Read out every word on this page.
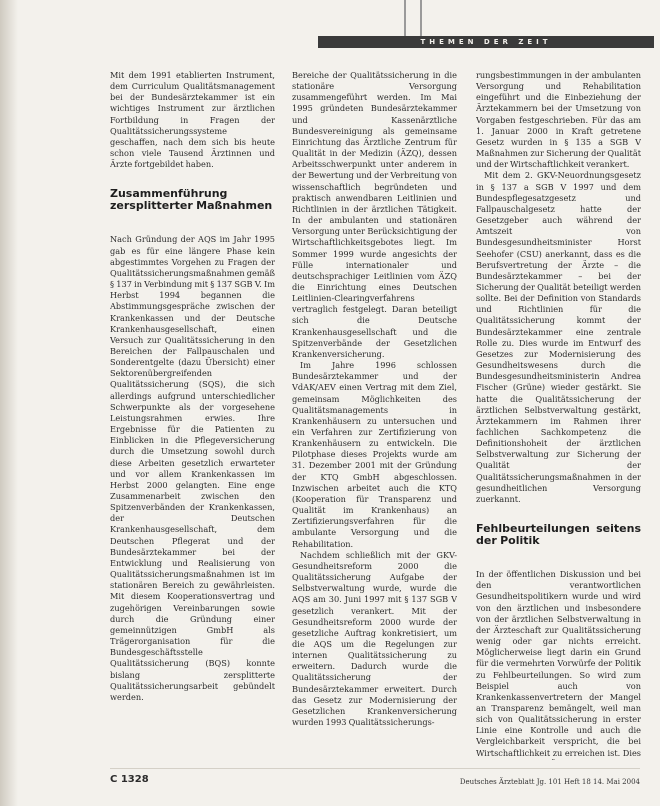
THEMEN DER ZEIT

Mit dem 1991 etablierten Instrument, dem Curriculum Qualitätsmanagement bei der Bundesärztekammer ist ein wichtiges Instrument zur ärztlichen Fortbildung in Fragen der Qualitätssicherungssysteme geschaffen, nach dem sich bis heute schon viele Tausend Ärztinnen und Ärzte fortgebildet haben.

Zusammenführung zersplitterter Maßnahmen

Nach Gründung der AQS im Jahr 1995 gab es für eine längere Phase kein abgestimmtes Vorgehen zu Fragen der Qualitätssicherungsmaßnahmen gemäß § 137 in Verbindung mit § 137 SGB V. Im Herbst 1994 begannen die Abstimmungsgespräche zwischen der Krankenkassen und der Deutsche Krankenhausgesellschaft, einen Versuch zur Qualitätssicherung in den Bereichen der Fallpauschalen und Sonderentgelte (dazu Übersicht) einer Sektorenübergreifenden Qualitätssicherung (SQS), die sich allerdings aufgrund unterschiedlicher Schwerpunkte als der vorgesehene Leistungsrahmen erwies. Ihre Ergebnisse für die Patienten zu Einblicken in die Pflegeversicherung durch die Umsetzung sowohl durch diese Arbeiten gesetzlich erwarteter und vor allem Krankenkassen im Herbst 2000 gelangten. Eine enge Zusammenarbeit zwischen den Spitzenverbänden der Krankenkassen, der Deutschen Krankenhausgesellschaft, dem Deutschen Pflegerat und der Bundesärztekammer bei der Entwicklung und Realisierung von Qualitätssicherungsmaßnahmen ist im stationären Bereich zu gewährleisten. Mit diesem Kooperationsvertrag und zugehörigen Vereinbarungen sowie durch die Gründung einer gemeinnützigen GmbH als Trägerorganisation für die Bundesgeschäftsstelle Qualitätssicherung (BQS) konnte bislang zersplitterte Qualitätssicherungsarbeit gebündelt werden.

Bereiche der Qualitätssicherung in die stationäre Versorgung zusammengeführt werden. Im Mai 1995 gründeten Bundesärztekammer und Kassenärztliche Bundesvereinigung als gemeinsame Einrichtung das Ärztliche Zentrum für Qualität in der Medizin (ÄZQ), dessen Arbeitsschwerpunkt unter anderem in der Bewertung und der Verbreitung von wissenschaftlich begründeten und praktisch anwendbaren Leitlinien und Richtlinien in der ärztlichen Tätigkeit. In der ambulanten und stationären Versorgung unter Berücksichtigung der Wirtschaftlichkeitsgebotes liegt. Im Sommer 1999 wurde angesichts der Fülle internationaler und deutschsprachiger Leitlinien vom ÄZQ die Einrichtung eines Deutschen Leitlinien-Clearingverfahrens vertraglich festgelegt. Daran beteiligt sich die Deutsche Krankenhausgesellschaft und die Spitzenverbände der Gesetzlichen Krankenversicherung.

Im Jahre 1996 schlossen Bundesärztekammer und der VdAK/AEV einen Vertrag mit dem Ziel, gemeinsam Möglichkeiten des Qualitätsmanagements in Krankenhäusern zu untersuchen und ein Verfahren zur Zertifizierung von Krankenhäusern zu entwickeln. Die Pilotphase dieses Projekts wurde am 31. Dezember 2001 mit der Gründung der KTQ GmbH abgeschlossen. Inzwischen arbeitet auch die KTQ (Kooperation für Transparenz und Qualität im Krankenhaus) an Zertifizierungsverfahren für die ambulante Versorgung und die Rehabilitation.

Nachdem schließlich mit der GKV-Gesundheitsreform 2000 die Qualitätssicherung Aufgabe der Selbstverwaltung wurde, wurde die AQS am 30. Juni 1997 mit § 137 SGB V gesetzlich verankert. Mit der Gesundheitsreform 2000 wurde der gesetzliche Auftrag konkretisiert, um die AQS um die Regelungen zur internen Qualitätssicherung zu erweitern. Dadurch wurde die Qualitätssicherung der Bundesärztekammer erweitert. Durch das Gesetz zur Modernisierung der Gesetzlichen Krankenversicherung wurden 1993 Qualitätssicherungs-

rungsbestimmungen in der ambulanten Versorgung und Rehabilitation eingeführt und die Einbeziehung der Ärztekammern bei der Umsetzung von Vorgaben festgeschrieben. Für das am 1. Januar 2000 in Kraft getretene Gesetz wurden in § 135 a SGB V Maßnahmen zur Sicherung der Qualität und der Wirtschaftlichkeit verankert.

Mit dem 2. GKV-Neuordnungsgesetz in § 137 a SGB V 1997 und dem Bundespflegesatzgesetz und Fallpauschalgesetz hatte der Gesetzgeber auch während der Amtszeit von Bundesgesundheitsminister Horst Seehofer (CSU) anerkannt, dass es die Berufsvertretung der Ärzte – die Bundesärztekammer – bei der Sicherung der Qualität beteiligt werden sollte. Bei der Definition von Standards und Richtlinien für die Qualitätssicherung kommt der Bundesärztekammer eine zentrale Rolle zu. Dies wurde im Entwurf des Gesetzes zur Modernisierung des Gesundheitswesens durch die Bundesgesundheitsministerin Andrea Fischer (Grüne) wieder gestärkt. Sie hatte die Qualitätssicherung der ärztlichen Selbstverwaltung gestärkt, Ärztekammern im Rahmen ihrer fachlichen Sachkompetenz die Definitionshoheit der ärztlichen Selbstverwaltung zur Sicherung der Qualität der Qualitätssicherungsmaßnahmen in der gesundheitlichen Versorgung zuerkannt.

Fehlbeurteilungen seitens der Politik

In der öffentlichen Diskussion und bei den verantwortlichen Gesundheitspolitikern wurde und wird von den ärztlichen und insbesondere von der ärztlichen Selbstverwaltung in der Ärzteschaft zur Qualitätssicherung wenig oder gar nichts erreicht. Möglicherweise liegt darin ein Grund für die vermehrten Vorwürfe der Politik zu Fehlbeurteilungen. So wird zum Beispiel auch von Krankenkassenvertretern der Mangel an Transparenz bemängelt, weil man sich von Qualitätssicherung in erster Linie eine Kontrolle und auch die Vergleichbarkeit verspricht, die bei Wirtschaftlichkeit zu erreichen ist. Dies

C 1328	Deutsches Ärzteblatt Jg. 101 Heft 18 14. Mai 2004
